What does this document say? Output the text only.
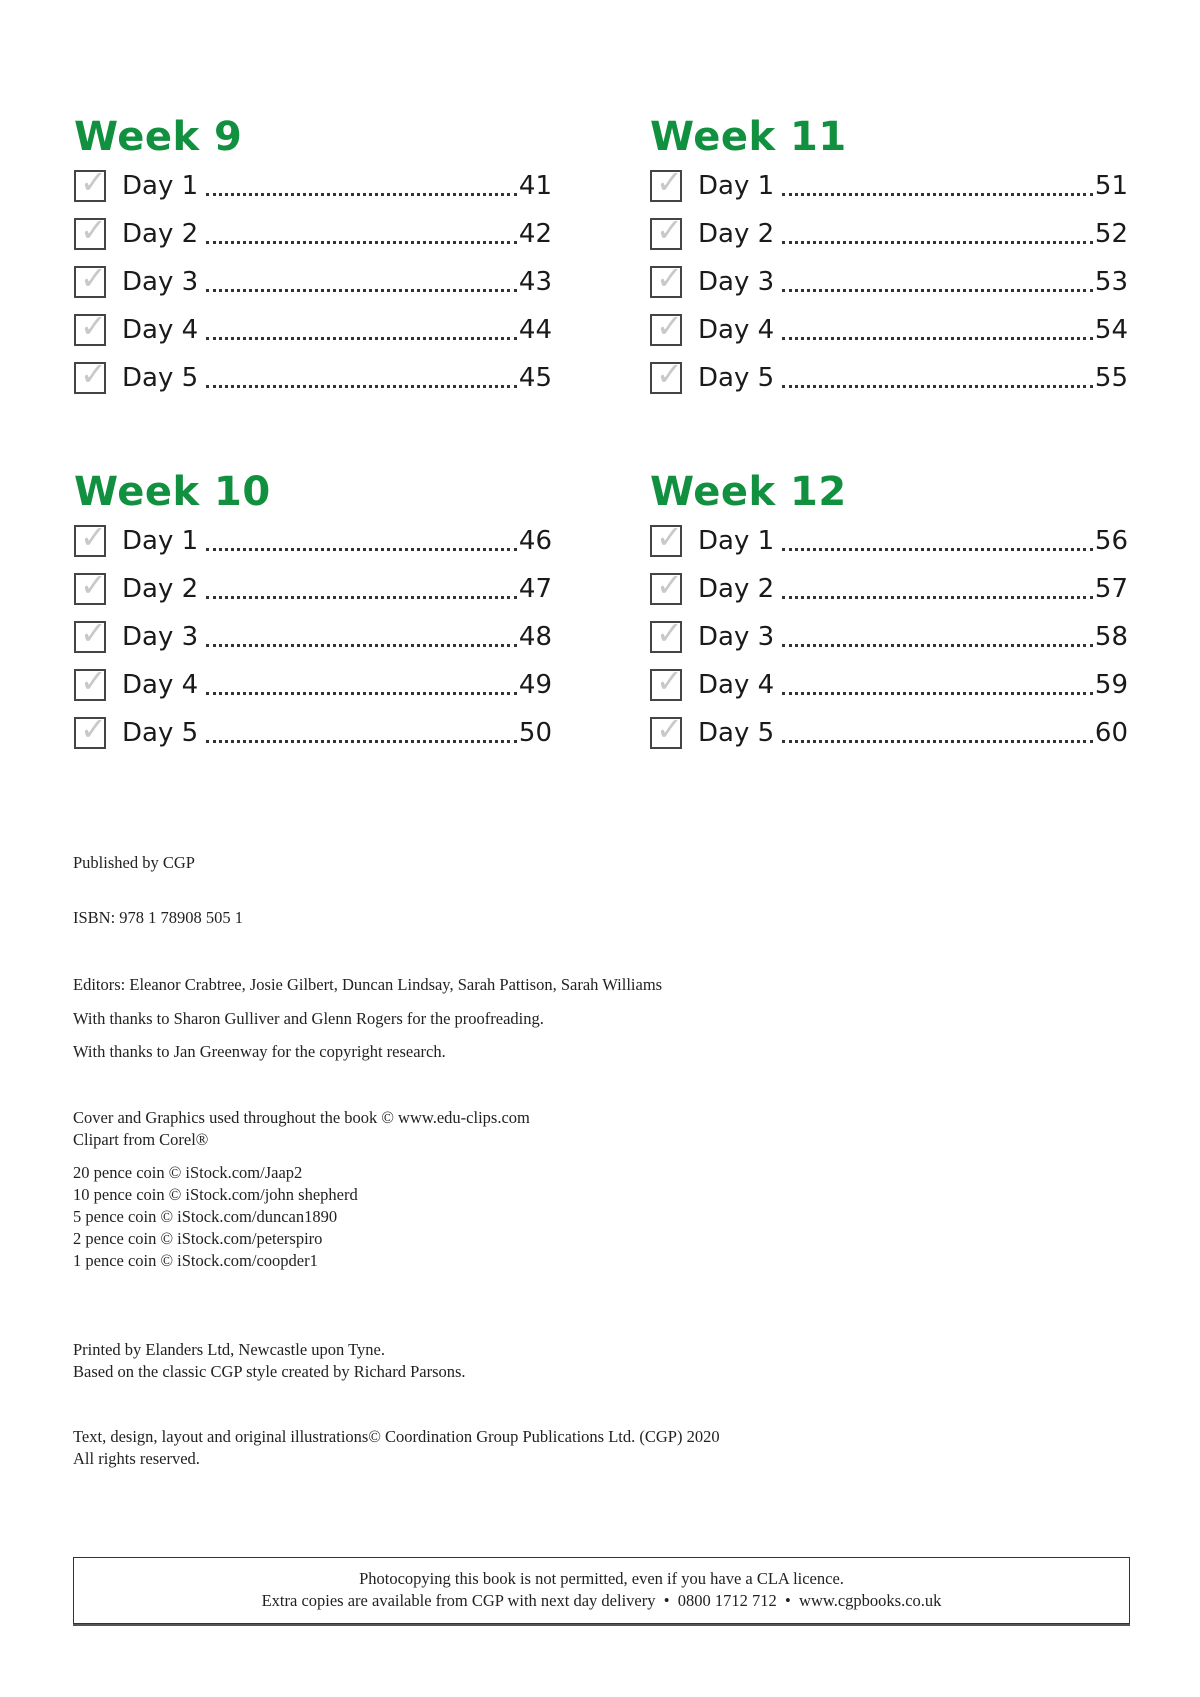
Week 9
✓ Day 1	41
✓ Day 2	42
✓ Day 3	43
✓ Day 4	44
✓ Day 5	45
Week 11
✓ Day 1	51
✓ Day 2	52
✓ Day 3	53
✓ Day 4	54
✓ Day 5	55
Week 10
✓ Day 1	46
✓ Day 2	47
✓ Day 3	48
✓ Day 4	49
✓ Day 5	50
Week 12
✓ Day 1	56
✓ Day 2	57
✓ Day 3	58
✓ Day 4	59
✓ Day 5	60
Published by CGP
ISBN: 978 1 78908 505 1
Editors: Eleanor Crabtree, Josie Gilbert, Duncan Lindsay, Sarah Pattison, Sarah Williams
With thanks to Sharon Gulliver and Glenn Rogers for the proofreading.
With thanks to Jan Greenway for the copyright research.
Cover and Graphics used throughout the book © www.edu-clips.com
Clipart from Corel®
20 pence coin © iStock.com/Jaap2
10 pence coin © iStock.com/john shepherd
5 pence coin © iStock.com/duncan1890
2 pence coin © iStock.com/peterspiro
1 pence coin © iStock.com/coopder1
Printed by Elanders Ltd, Newcastle upon Tyne.
Based on the classic CGP style created by Richard Parsons.
Text, design, layout and original illustrations© Coordination Group Publications Ltd. (CGP) 2020
All rights reserved.
Photocopying this book is not permitted, even if you have a CLA licence.
Extra copies are available from CGP with next day delivery  •  0800 1712 712  •  www.cgpbooks.co.uk
